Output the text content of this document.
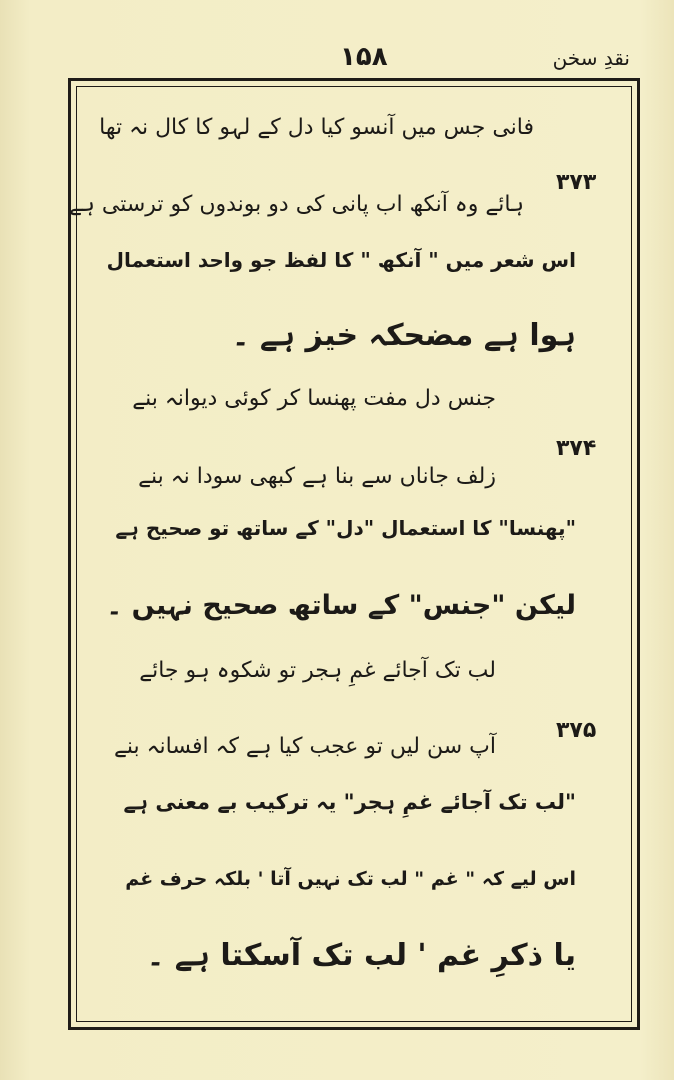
۱۵۸	نقدِ سخن
فانی جس میں آنسو کیا دل کے لہو کا کال نہ تھا
۳۷۳
ہائے وہ آنکھ اب پانی کی دو بوندوں کو ترستی ہے
اس شعر میں " آنکھ " کا لفظ جو واحد استعمال
ہوا ہے مضحکہ خیز ہے ۔
جنس دل مفت پھنسا کر کوئی دیوانہ بنے
۳۷۴
زلف جاناں سے بنا ہے کبھی سودا نہ بنے
"پھنسا" کا استعمال "دل" کے ساتھ تو صحیح ہے
لیکن "جنس" کے ساتھ صحیح نہیں ۔
لب تک آجائے غمِ ہجر تو شکوہ ہو جائے
۳۷۵
آپ سن لیں تو عجب کیا ہے کہ افسانہ بنے
"لب تک آجائے غمِ ہجر" یہ ترکیب بے معنی ہے
اس لیے کہ " غم " لب تک نہیں آتا ' بلکہ حرف غم
یا ذکرِ غم ' لب تک آسکتا ہے ۔
